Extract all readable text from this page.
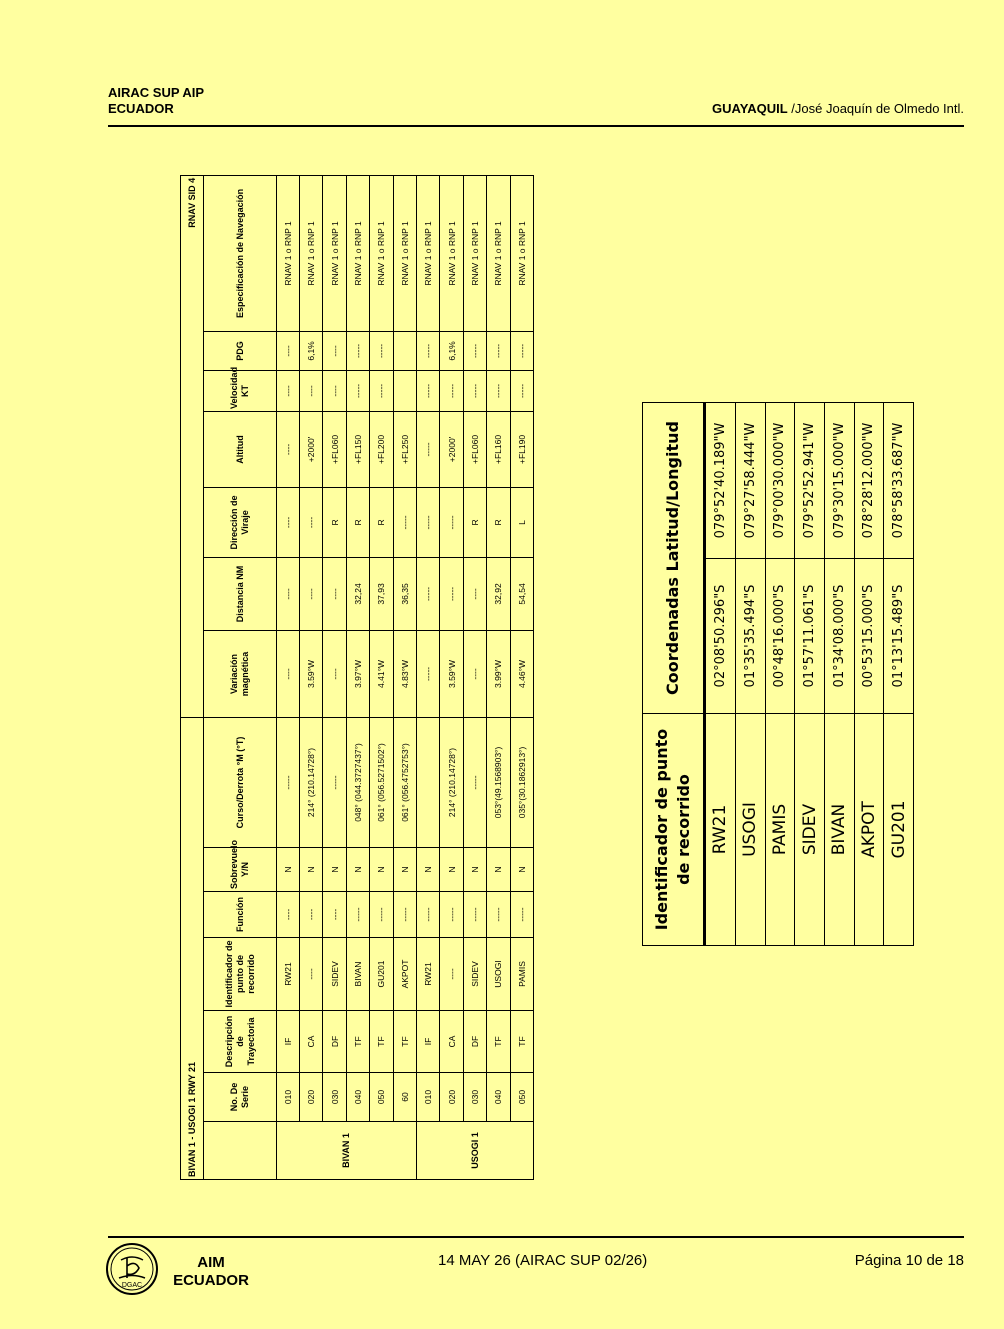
AIRAC SUP AIP
ECUADOR	GUAYAQUIL /José Joaquín de Olmedo Intl.
BIVAN 1 - USOGI 1 RWY 21							RNAV SID 4						
	No. De Serie	Descripción de Trayectoria	Identificador de punto de recorrido	Función	Sobrevuelo Y/N	Curso/Derrota °M (°T)	Variación magnética	Distancia NM	Dirección de Viraje	Altitud	Velocidad KT	PDG	Especificación de Navegación
BIVAN 1	010	IF	RW21	----	N	-----	----	----	----	----	----	----	RNAV 1 o RNP 1
	020	CA	----	----	N	214° (210.14728°)	3.59°W	----	----	+2000'	----	6,1%	RNAV 1 o RNP 1
	030	DF	SIDEV	----	N	-----	----	----	R	+FL060	----	----	RNAV 1 o RNP 1
	040	TF	BIVAN	-----	N	048° (044.3727437°)	3.97°W	32,24	R	+FL150	-----	-----	RNAV 1 o RNP 1
	050	TF	GU201	-----	N	061° (056.5271502°)	4.41°W	37,93	R	+FL200	-----	-----	RNAV 1 o RNP 1
	60	TF	AKPOT	-----	N	061° (056.4752753°)	4.83°W	36,35	-----	+FL250			RNAV 1 o RNP 1
USOGI 1	010	IF	RW21	-----	N		-----	-----	-----	-----	-----	-----	RNAV 1 o RNP 1
	020	CA	----	-----	N	214° (210.14728°)	3.59°W	-----	-----	+2000'	-----	6,1%	RNAV 1 o RNP 1
	030	DF	SIDEV	-----	N	-----	----	----	R	+FL060	-----	-----	RNAV 1 o RNP 1
	040	TF	USOGI	-----	N	053°(49.1568903°)	3.99°W	32,92	R	+FL160	-----	-----	RNAV 1 o RNP 1
	050	TF	PAMIS	-----	N	035°(30.1862913°)	4.46°W	54,54	L	+FL190	-----	-----	RNAV 1 o RNP 1
Identificador de punto de recorrido	Coordenadas Latitud/Longitud	
RW21	02°08'50.296"S	079°52'40.189"W
USOGI	01°35'35.494"S	079°27'58.444"W
PAMIS	00°48'16.000"S	079°00'30.000"W
SIDEV	01°57'11.061"S	079°52'52.941"W
BIVAN	01°34'08.000"S	079°30'15.000"W
AKPOT	00°53'15.000"S	078°28'12.000"W
GU201	01°13'15.489"S	078°58'33.687"W
DGAC
AIM
ECUADOR
14 MAY 26 (AIRAC SUP 02/26)	Página 10 de 18
